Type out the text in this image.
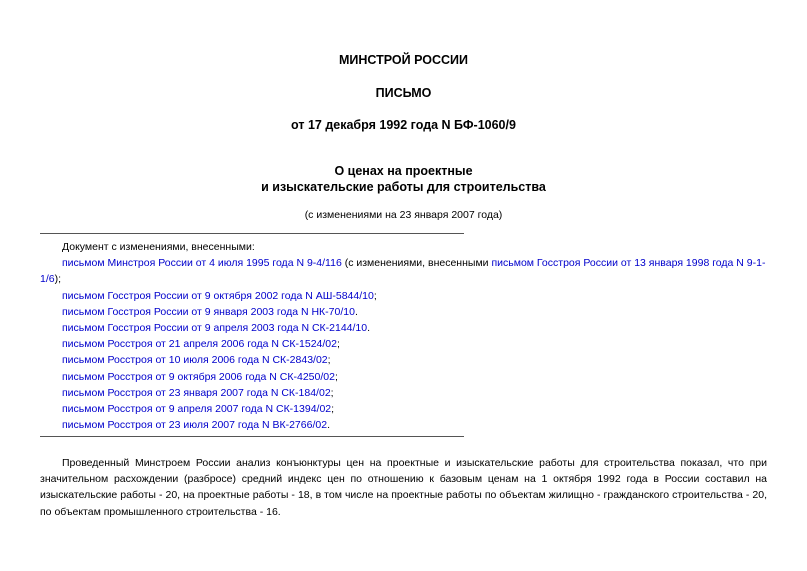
МИНСТРОЙ РОССИИ
ПИСЬМО
от 17 декабря 1992 года N БФ-1060/9
О ценах на проектные
и изыскательские работы для строительства
(с изменениями на 23 января 2007 года)
Документ с изменениями, внесенными:
письмом Минстроя России от 4 июля 1995 года N 9-4/116 (с изменениями, внесенными письмом Госстроя России от 13 января 1998 года N 9-1-1/6);
письмом Госстроя России от 9 октября 2002 года N АШ-5844/10;
письмом Госстроя России от 9 января 2003 года N НК-70/10.
письмом Госстроя России от 9 апреля 2003 года N СК-2144/10.
письмом Росстроя от 21 апреля 2006 года N СК-1524/02;
письмом Росстроя от 10 июля 2006 года N СК-2843/02;
письмом Росстроя от 9 октября 2006 года N СК-4250/02;
письмом Росстроя от 23 января 2007 года N СК-184/02;
письмом Росстроя от 9 апреля 2007 года N СК-1394/02;
письмом Росстроя от 23 июля 2007 года N ВК-2766/02.
Проведенный Минстроем России анализ конъюнктуры цен на проектные и изыскательские работы для строительства показал, что при значительном расхождении (разбросе) средний индекс цен по отношению к базовым ценам на 1 октября 1992 года в России составил на изыскательские работы - 20, на проектные работы - 18, в том числе на проектные работы по объектам жилищно - гражданского строительства - 20, по объектам промышленного строительства - 16.
